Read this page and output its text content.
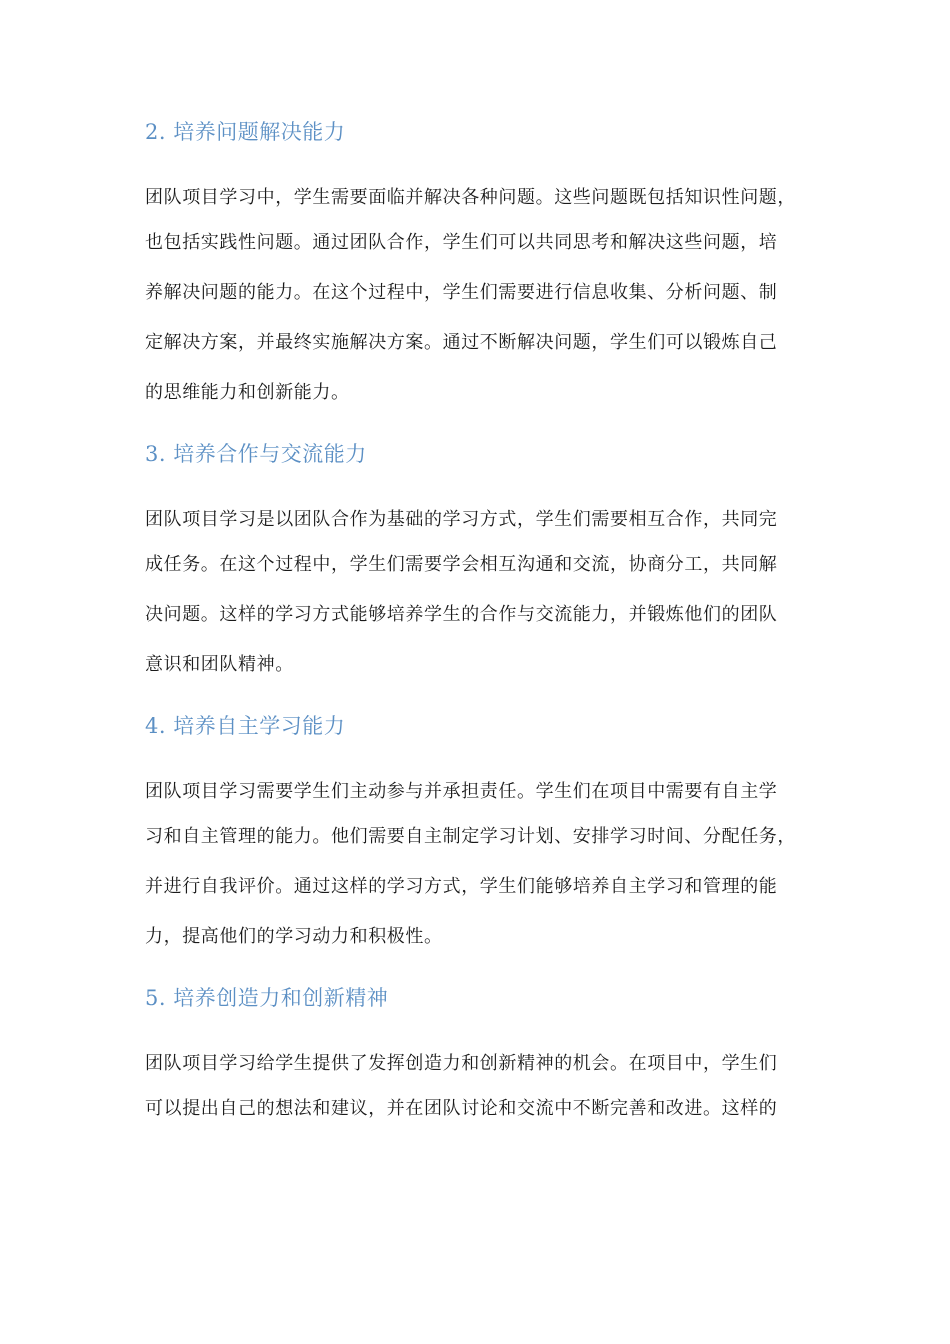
2. 培养问题解决能力
团队项目学习中，学生需要面临并解决各种问题。这些问题既包括知识性问题，
也包括实践性问题。通过团队合作，学生们可以共同思考和解决这些问题，培
养解决问题的能力。在这个过程中，学生们需要进行信息收集、分析问题、制
定解决方案，并最终实施解决方案。通过不断解决问题，学生们可以锻炼自己
的思维能力和创新能力。
3. 培养合作与交流能力
团队项目学习是以团队合作为基础的学习方式，学生们需要相互合作，共同完
成任务。在这个过程中，学生们需要学会相互沟通和交流，协商分工，共同解
决问题。这样的学习方式能够培养学生的合作与交流能力，并锻炼他们的团队
意识和团队精神。
4. 培养自主学习能力
团队项目学习需要学生们主动参与并承担责任。学生们在项目中需要有自主学
习和自主管理的能力。他们需要自主制定学习计划、安排学习时间、分配任务，
并进行自我评价。通过这样的学习方式，学生们能够培养自主学习和管理的能
力，提高他们的学习动力和积极性。
5. 培养创造力和创新精神
团队项目学习给学生提供了发挥创造力和创新精神的机会。在项目中，学生们
可以提出自己的想法和建议，并在团队讨论和交流中不断完善和改进。这样的
